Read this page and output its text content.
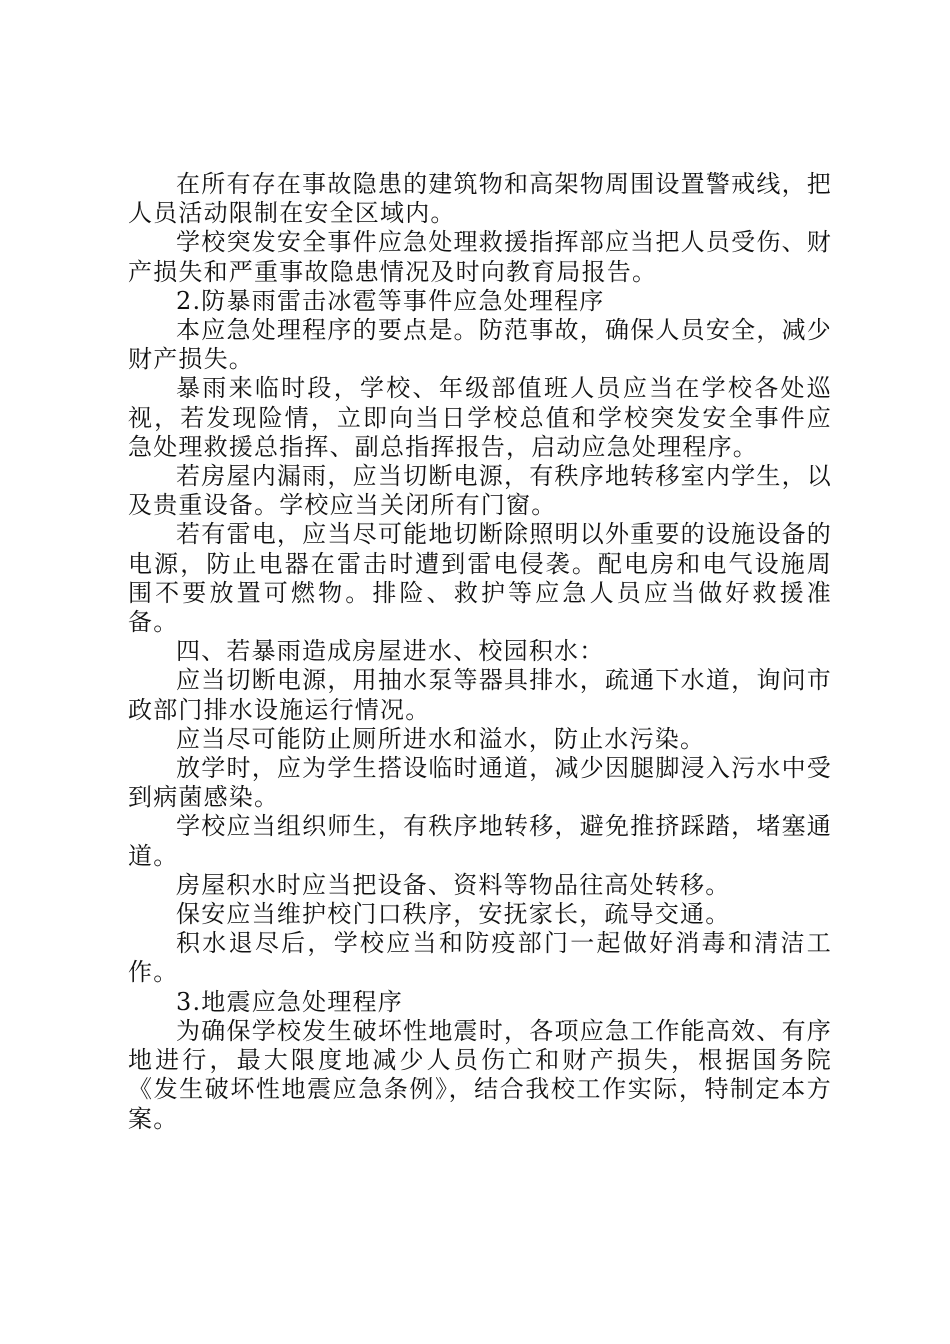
在所有存在事故隐患的建筑物和高架物周围设置警戒线，把人员活动限制在安全区域内。

学校突发安全事件应急处理救援指挥部应当把人员受伤、财产损失和严重事故隐患情况及时向教育局报告。

2.防暴雨雷击冰雹等事件应急处理程序

本应急处理程序的要点是。防范事故，确保人员安全，减少财产损失。

暴雨来临时段，学校、年级部值班人员应当在学校各处巡视，若发现险情，立即向当日学校总值和学校突发安全事件应急处理救援总指挥、副总指挥报告，启动应急处理程序。

若房屋内漏雨，应当切断电源，有秩序地转移室内学生，以及贵重设备。学校应当关闭所有门窗。

若有雷电，应当尽可能地切断除照明以外重要的设施设备的电源，防止电器在雷击时遭到雷电侵袭。配电房和电气设施周围不要放置可燃物。排险、救护等应急人员应当做好救援准备。

四、若暴雨造成房屋进水、校园积水：

应当切断电源，用抽水泵等器具排水，疏通下水道，询问市政部门排水设施运行情况。

应当尽可能防止厕所进水和溢水，防止水污染。

放学时，应为学生搭设临时通道，减少因腿脚浸入污水中受到病菌感染。

学校应当组织师生，有秩序地转移，避免推挤踩踏，堵塞通道。

房屋积水时应当把设备、资料等物品往高处转移。

保安应当维护校门口秩序，安抚家长，疏导交通。

积水退尽后，学校应当和防疫部门一起做好消毒和清洁工作。

3.地震应急处理程序

为确保学校发生破坏性地震时，各项应急工作能高效、有序地进行，最大限度地减少人员伤亡和财产损失，根据国务院《发生破坏性地震应急条例》，结合我校工作实际，特制定本方案。
